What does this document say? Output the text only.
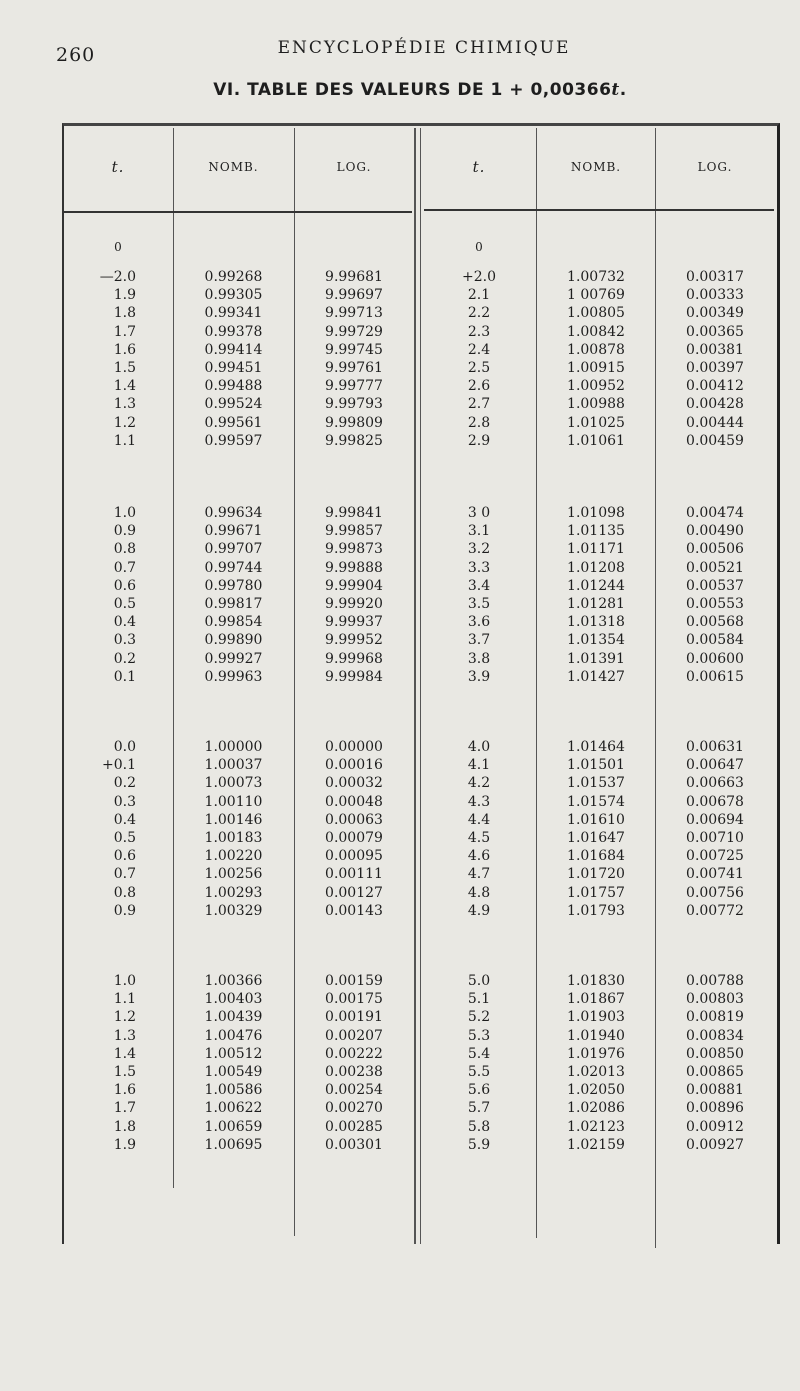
260	ENCYCLOPÉDIE CHIMIQUE
VI. TABLE DES VALEURS DE 1 + 0,00366t.
t.	NOMB.	LOG.	t.	NOMB.	LOG.
0	0
—2.0	0.99268	9.99681	+2.0	1.00732	0.00317
1.9	0.99305	9.99697	2.1	1 00769	0.00333
1.8	0.99341	9.99713	2.2	1.00805	0.00349
1.7	0.99378	9.99729	2.3	1.00842	0.00365
1.6	0.99414	9.99745	2.4	1.00878	0.00381
1.5	0.99451	9.99761	2.5	1.00915	0.00397
1.4	0.99488	9.99777	2.6	1.00952	0.00412
1.3	0.99524	9.99793	2.7	1.00988	0.00428
1.2	0.99561	9.99809	2.8	1.01025	0.00444
1.1	0.99597	9.99825	2.9	1.01061	0.00459
1.0	0.99634	9.99841	3 0	1.01098	0.00474
0.9	0.99671	9.99857	3.1	1.01135	0.00490
0.8	0.99707	9.99873	3.2	1.01171	0.00506
0.7	0.99744	9.99888	3.3	1.01208	0.00521
0.6	0.99780	9.99904	3.4	1.01244	0.00537
0.5	0.99817	9.99920	3.5	1.01281	0.00553
0.4	0.99854	9.99937	3.6	1.01318	0.00568
0.3	0.99890	9.99952	3.7	1.01354	0.00584
0.2	0.99927	9.99968	3.8	1.01391	0.00600
0.1	0.99963	9.99984	3.9	1.01427	0.00615
0.0	1.00000	0.00000	4.0	1.01464	0.00631
+0.1	1.00037	0.00016	4.1	1.01501	0.00647
0.2	1.00073	0.00032	4.2	1.01537	0.00663
0.3	1.00110	0.00048	4.3	1.01574	0.00678
0.4	1.00146	0.00063	4.4	1.01610	0.00694
0.5	1.00183	0.00079	4.5	1.01647	0.00710
0.6	1.00220	0.00095	4.6	1.01684	0.00725
0.7	1.00256	0.00111	4.7	1.01720	0.00741
0.8	1.00293	0.00127	4.8	1.01757	0.00756
0.9	1.00329	0.00143	4.9	1.01793	0.00772
1.0	1.00366	0.00159	5.0	1.01830	0.00788
1.1	1.00403	0.00175	5.1	1.01867	0.00803
1.2	1.00439	0.00191	5.2	1.01903	0.00819
1.3	1.00476	0.00207	5.3	1.01940	0.00834
1.4	1.00512	0.00222	5.4	1.01976	0.00850
1.5	1.00549	0.00238	5.5	1.02013	0.00865
1.6	1.00586	0.00254	5.6	1.02050	0.00881
1.7	1.00622	0.00270	5.7	1.02086	0.00896
1.8	1.00659	0.00285	5.8	1.02123	0.00912
1.9	1.00695	0.00301	5.9	1.02159	0.00927
